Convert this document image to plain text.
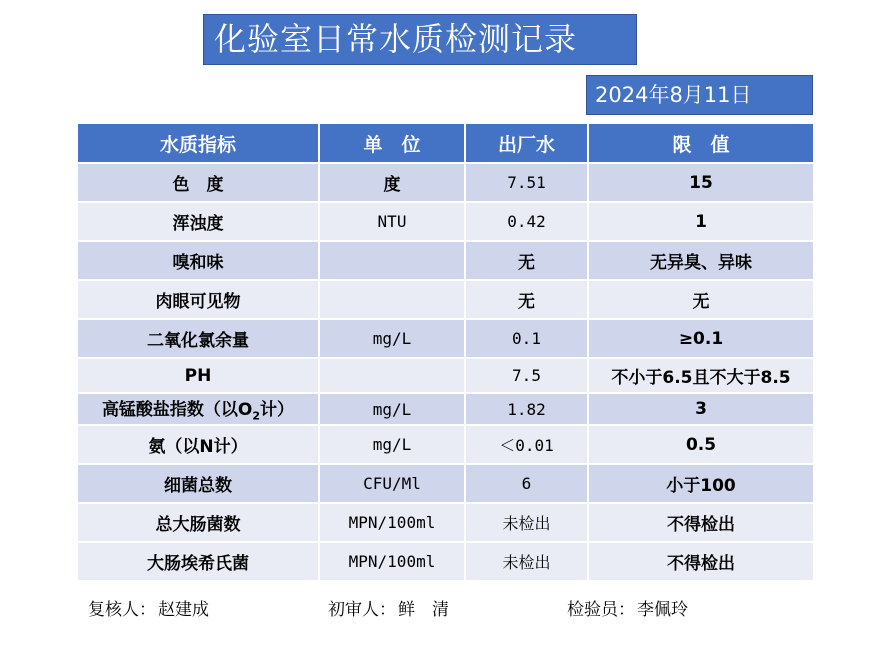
化验室日常水质检测记录
2024年8月11日
水质指标	单　位	出厂水	限　值
色　度	度	7.51	15
浑浊度	NTU	0.42	1
嗅和味		无	无异臭、异味
肉眼可见物		无	无
二氧化氯余量	mg/L	0.1	≥0.1
PH		7.5	不小于6.5且不大于8.5
高锰酸盐指数（以$O_2$计）	mg/L	1.82	3
氨（以N计）	mg/L	＜0.01	0.5
细菌总数	CFU/Ml	6	小于100
总大肠菌数	MPN/100ml	未检出	不得检出
大肠埃希氏菌	MPN/100ml	未检出	不得检出
复核人： 赵建成	初审人： 鲜　清	检验员： 李佩玲
